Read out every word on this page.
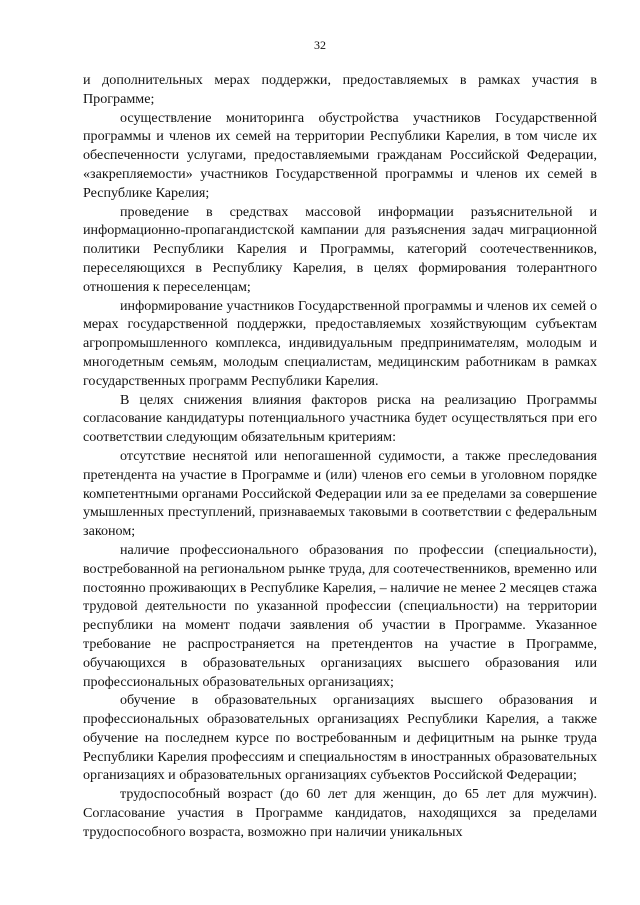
32

и дополнительных мерах поддержки, предоставляемых в рамках участия в Программе;

осуществление мониторинга обустройства участников Государственной программы и членов их семей на территории Республики Карелия, в том числе их обеспеченности услугами, предоставляемыми гражданам Российской Федерации, «закрепляемости» участников Государственной программы и членов их семей в Республике Карелия;

проведение в средствах массовой информации разъяснительной и информационно-пропагандистской кампании для разъяснения задач миграционной политики Республики Карелия и Программы, категорий соотечественников, переселяющихся в Республику Карелия, в целях формирования толерантного отношения к переселенцам;

информирование участников Государственной программы и членов их семей о мерах государственной поддержки, предоставляемых хозяйствующим субъектам агропромышленного комплекса, индивидуальным предпринимателям, молодым и многодетным семьям, молодым специалистам, медицинским работникам в рамках государственных программ Республики Карелия.

В целях снижения влияния факторов риска на реализацию Программы согласование кандидатуры потенциального участника будет осуществляться при его соответствии следующим обязательным критериям:

отсутствие неснятой или непогашенной судимости, а также преследования претендента на участие в Программе и (или) членов его семьи в уголовном порядке компетентными органами Российской Федерации или за ее пределами за совершение умышленных преступлений, признаваемых таковыми в соответствии с федеральным законом;

наличие профессионального образования по профессии (специальности), востребованной на региональном рынке труда, для соотечественников, временно или постоянно проживающих в Республике Карелия, – наличие не менее 2 месяцев стажа трудовой деятельности по указанной профессии (специальности) на территории республики на момент подачи заявления об участии в Программе. Указанное требование не распространяется на претендентов на участие в Программе, обучающихся в образовательных организациях высшего образования или профессиональных образовательных организациях;

обучение в образовательных организациях высшего образования и профессиональных образовательных организациях Республики Карелия, а также обучение на последнем курсе по востребованным и дефицитным на рынке труда Республики Карелия профессиям и специальностям в иностранных образовательных организациях и образовательных организациях субъектов Российской Федерации;

трудоспособный возраст (до 60 лет для женщин, до 65 лет для мужчин). Согласование участия в Программе кандидатов, находящихся за пределами трудоспособного возраста, возможно при наличии уникальных
